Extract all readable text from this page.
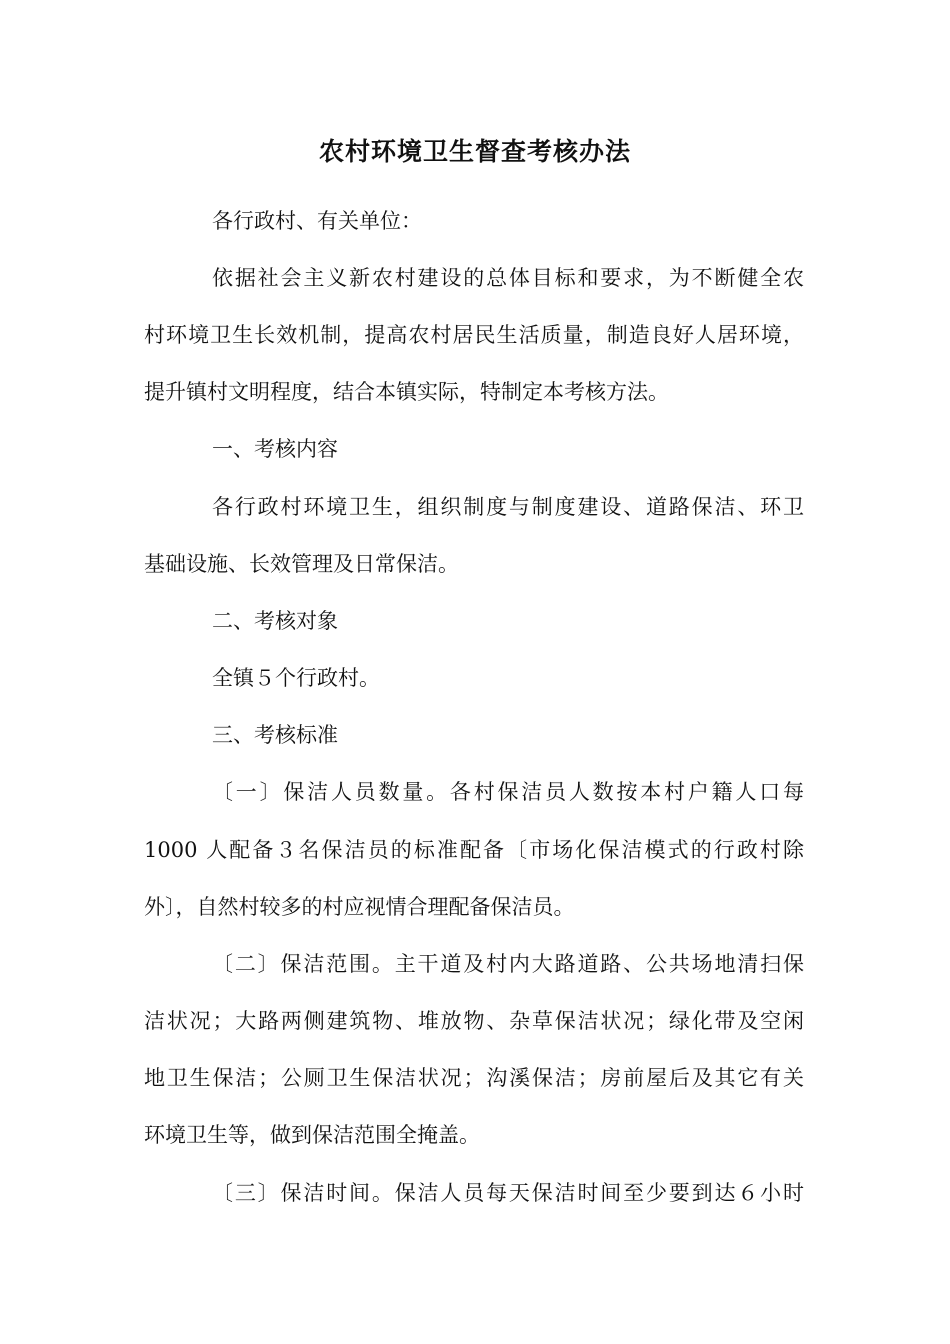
农村环境卫生督查考核办法
各行政村、有关单位：
依据社会主义新农村建设的总体目标和要求，为不断健全农
村环境卫生长效机制，提高农村居民生活质量，制造良好人居环境，
提升镇村文明程度，结合本镇实际，特制定本考核方法。
一、考核内容
各行政村环境卫生，组织制度与制度建设、道路保洁、环卫
基础设施、长效管理及日常保洁。
二、考核对象
全镇５个行政村。
三、考核标准
〔一〕保洁人员数量。各村保洁员人数按本村户籍人口每
1000 人配备３名保洁员的标准配备〔市场化保洁模式的行政村除
外〕，自然村较多的村应视情合理配备保洁员。
〔二〕保洁范围。主干道及村内大路道路、公共场地清扫保
洁状况；大路两侧建筑物、堆放物、杂草保洁状况；绿化带及空闲
地卫生保洁；公厕卫生保洁状况；沟溪保洁；房前屋后及其它有关
环境卫生等，做到保洁范围全掩盖。
〔三〕保洁时间。保洁人员每天保洁时间至少要到达６小时
